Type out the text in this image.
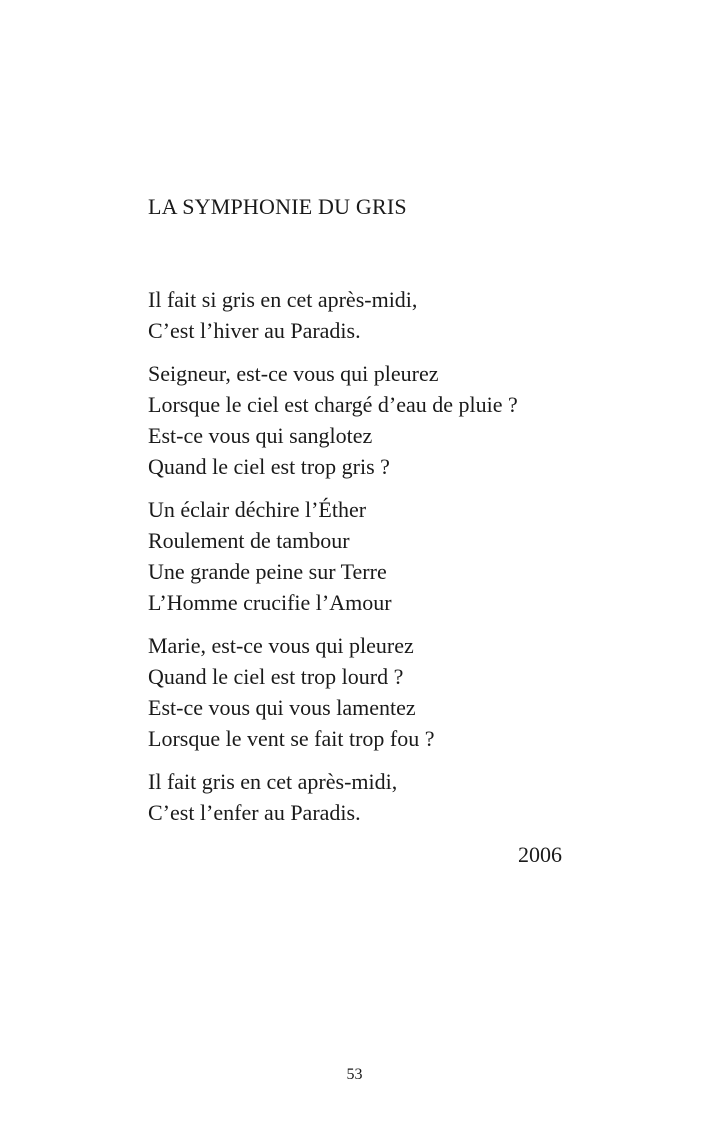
LA SYMPHONIE DU GRIS
Il fait si gris en cet après-midi,
C’est l’hiver au Paradis.
Seigneur, est-ce vous qui pleurez
Lorsque le ciel est chargé d’eau de pluie ?
Est-ce vous qui sanglotez
Quand le ciel est trop gris ?
Un éclair déchire l’Éther
Roulement de tambour
Une grande peine sur Terre
L’Homme crucifie l’Amour
Marie, est-ce vous qui pleurez
Quand le ciel est trop lourd ?
Est-ce vous qui vous lamentez
Lorsque le vent se fait trop fou ?
Il fait gris en cet après-midi,
C’est l’enfer au Paradis.
2006
53
